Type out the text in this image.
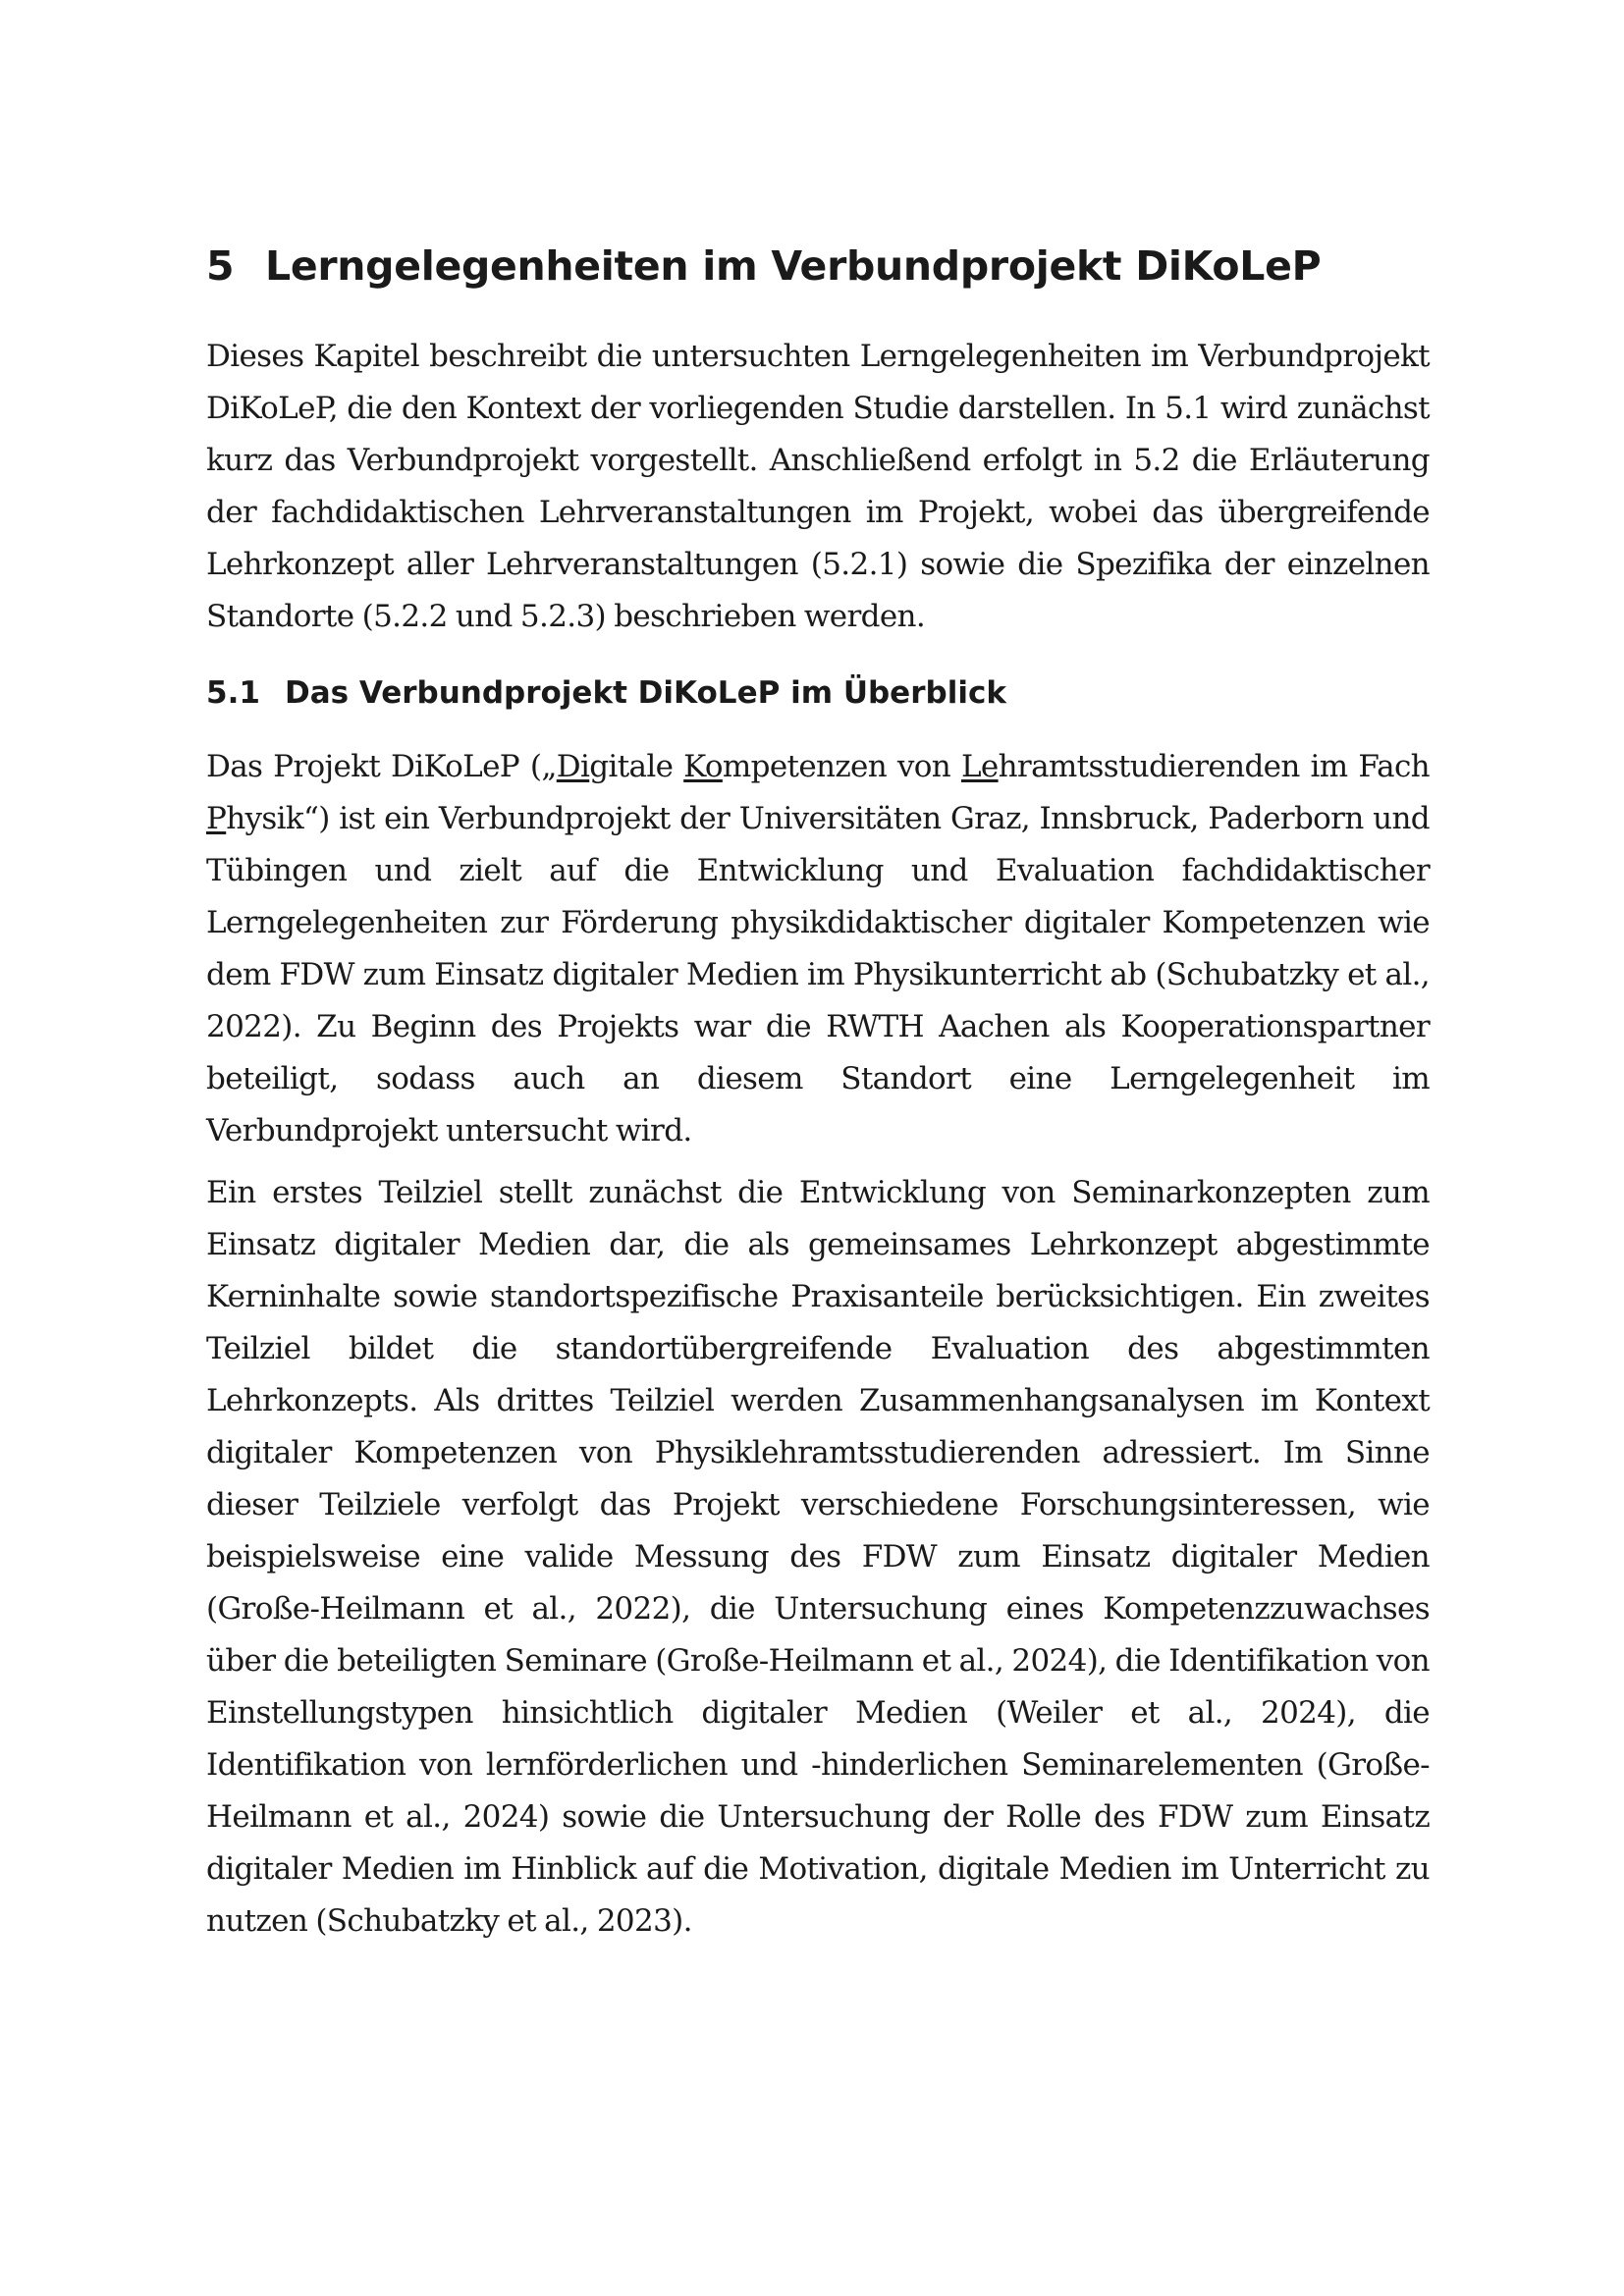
5 Lerngelegenheiten im Verbundprojekt DiKoLeP

Dieses Kapitel beschreibt die untersuchten Lerngelegenheiten im Verbundprojekt DiKoLeP, die den Kontext der vorliegenden Studie darstellen. In 5.1 wird zunächst kurz das Verbundprojekt vorgestellt. Anschließend erfolgt in 5.2 die Erläuterung der fachdidaktischen Lehrveranstaltungen im Projekt, wobei das übergreifende Lehrkonzept aller Lehrveranstaltungen (5.2.1) sowie die Spezifika der einzelnen Standorte (5.2.2 und 5.2.3) beschrieben werden.

5.1 Das Verbundprojekt DiKoLeP im Überblick

Das Projekt DiKoLeP („Digitale Kompetenzen von Lehramtsstudierenden im Fach Physik“) ist ein Verbundprojekt der Universitäten Graz, Innsbruck, Paderborn und Tübingen und zielt auf die Entwicklung und Evaluation fachdidaktischer Lerngelegenheiten zur Förderung physikdidaktischer digitaler Kompetenzen wie dem FDW zum Einsatz digitaler Medien im Physikunterricht ab (Schubatzky et al., 2022). Zu Beginn des Projekts war die RWTH Aachen als Kooperationspartner beteiligt, sodass auch an diesem Standort eine Lerngelegenheit im Verbundprojekt untersucht wird.

Ein erstes Teilziel stellt zunächst die Entwicklung von Seminarkonzepten zum Einsatz digitaler Medien dar, die als gemeinsames Lehrkonzept abgestimmte Kerninhalte sowie standortspezifische Praxisanteile berücksichtigen. Ein zweites Teilziel bildet die standortübergreifende Evaluation des abgestimmten Lehrkonzepts. Als drittes Teilziel werden Zusammenhangsanalysen im Kontext digitaler Kompetenzen von Physiklehramtsstudierenden adressiert. Im Sinne dieser Teilziele verfolgt das Projekt verschiedene Forschungsinteressen, wie beispielsweise eine valide Messung des FDW zum Einsatz digitaler Medien (Große-Heilmann et al., 2022), die Untersuchung eines Kompetenzzuwachses über die beteiligten Seminare (Große-Heilmann et al., 2024), die Identifikation von Einstellungstypen hinsichtlich digitaler Medien (Weiler et al., 2024), die Identifikation von lernförderlichen und -hinderlichen Seminarelementen (Große-Heilmann et al., 2024) sowie die Untersuchung der Rolle des FDW zum Einsatz digitaler Medien im Hinblick auf die Motivation, digitale Medien im Unterricht zu nutzen (Schubatzky et al., 2023).
